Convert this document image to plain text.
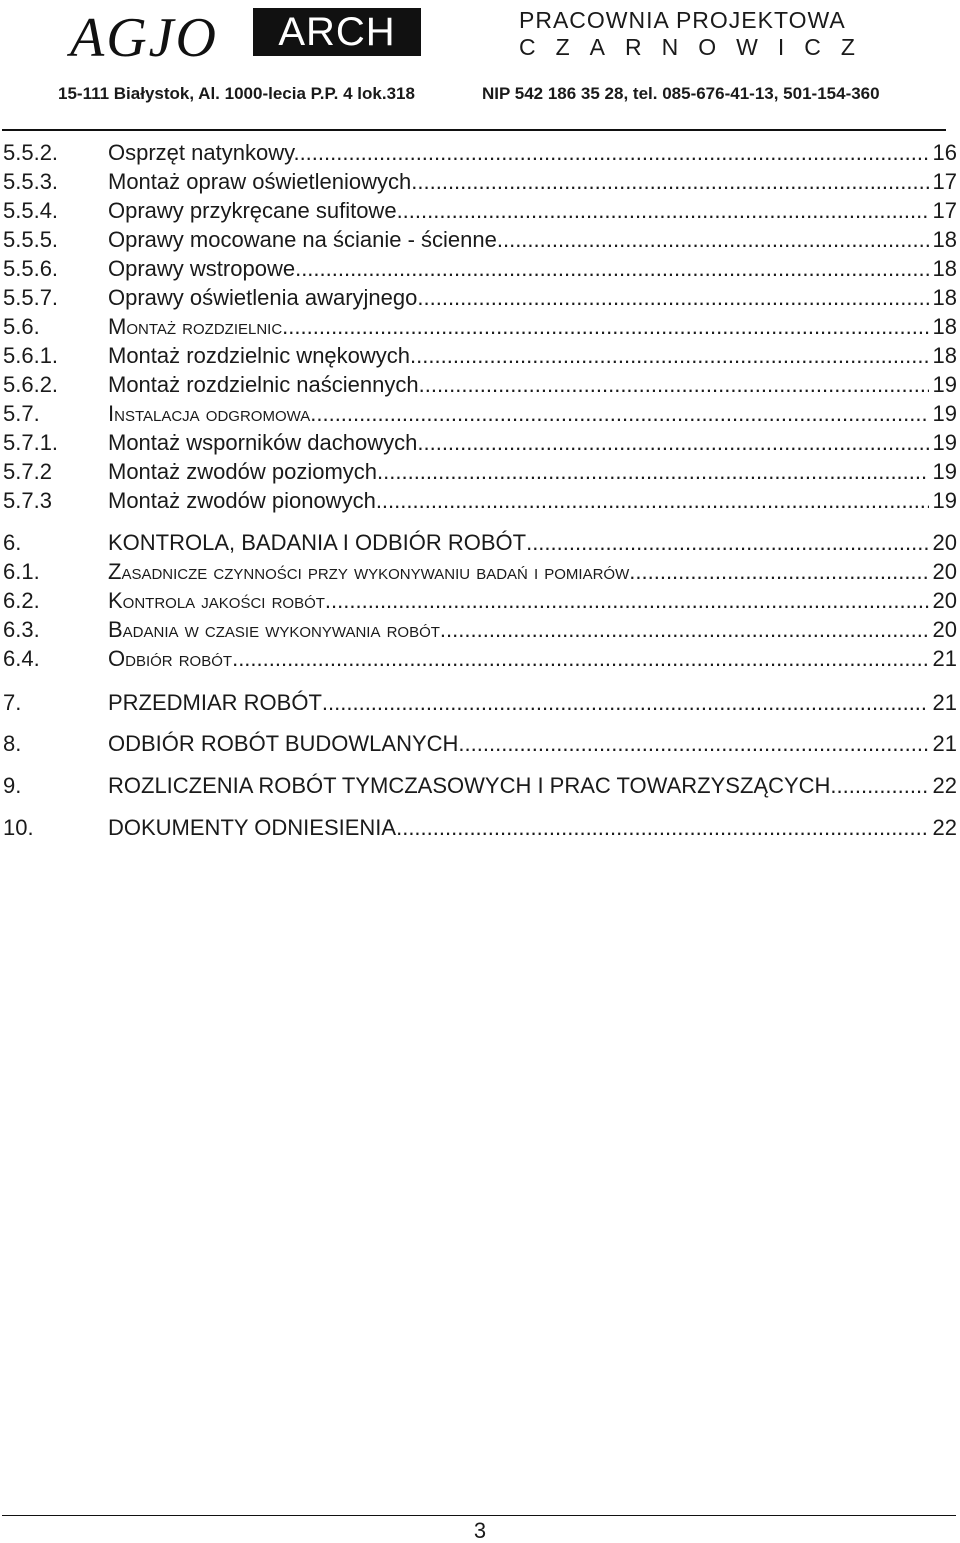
AGJO	ARCH	PRACOWNIA PROJEKTOWA
CZARNOWICZ
15-111 Białystok, Al. 1000-lecia P.P. 4 lok.318	NIP 542 186 35 28, tel. 085-676-41-13, 501-154-360
5.5.2. Osprzęt natynkowy. .....	16
5.5.3. Montaż opraw oświetleniowych .....	17
5.5.4. Oprawy przykręcane sufitowe .....	17
5.5.5. Oprawy mocowane na ścianie - ścienne. .....	18
5.5.6. Oprawy wstropowe. .....	18
5.5.7. Oprawy oświetlenia awaryjnego. .....	18
5.6.	Montaż rozdzielnic .....	18
5.6.1. Montaż rozdzielnic wnękowych. .....	18
5.6.2. Montaż rozdzielnic naściennych .....	19
5.7.	Instalacja odgromowa .....	19
5.7.1. Montaż wsporników dachowych .....	19
5.7.2	Montaż zwodów poziomych .....	19
5.7.3	Montaż zwodów pionowych .....	19
6.	KONTROLA, BADANIA I ODBIÓR ROBÓT .....	20
6.1.	Zasadnicze czynności przy wykonywaniu badań i pomiarów .....	20
6.2.	Kontrola jakości robót. .....	20
6.3.	Badania w czasie wykonywania robót. .....	20
6.4.	Odbiór robót. .....	21
7.	PRZEDMIAR ROBÓT .....	21
8.	ODBIÓR ROBÓT BUDOWLANYCH .....	21
9.	ROZLICZENIA ROBÓT TYMCZASOWYCH I PRAC TOWARZYSZĄCYCH. .....	22
10.	DOKUMENTY ODNIESIENIA. .....	22
3
